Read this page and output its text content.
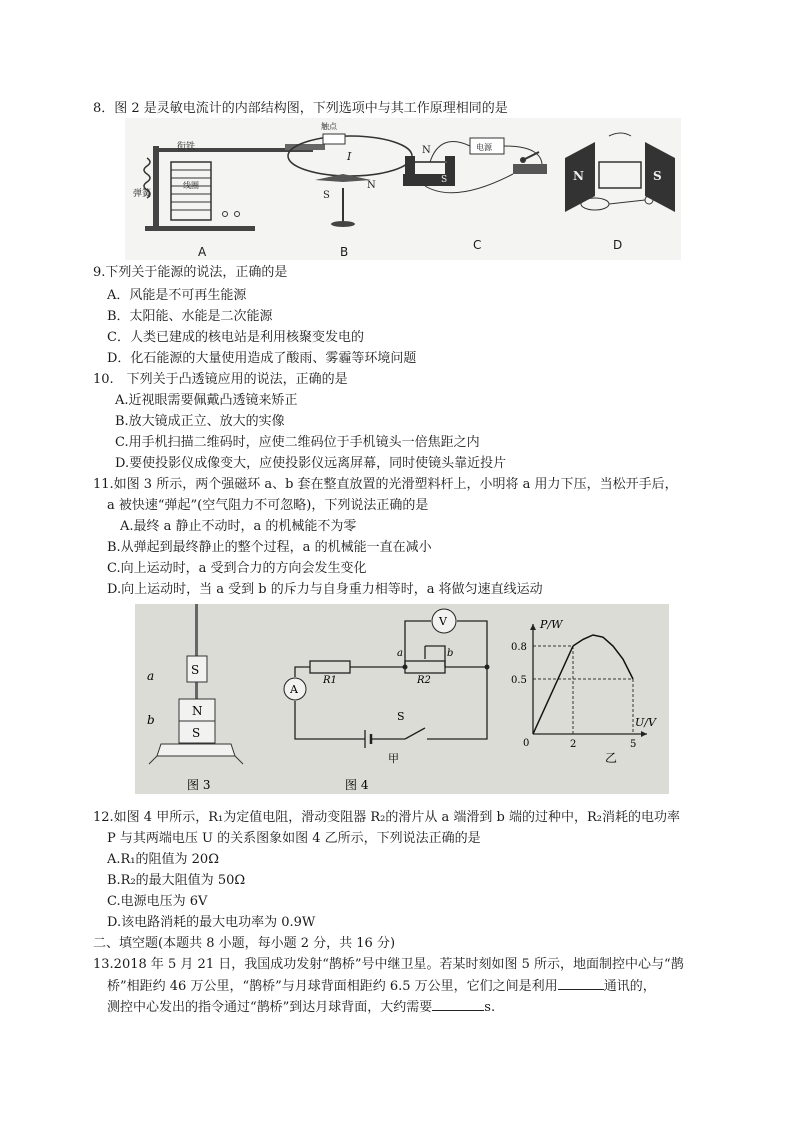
8．图 2 是灵敏电流计的内部结构图，下列选项中与其工作原理相同的是
衔铁
弹簧
线圈
触点
S
N
I	N
S
电源
N	S
A	B	C	D
9.下列关于能源的说法，正确的是
A．风能是不可再生能源
B．太阳能、水能是二次能源
C．人类已建成的核电站是利用核聚变发电的
D．化石能源的大量使用造成了酸雨、雾霾等环境问题
10.　下列关于凸透镜应用的说法，正确的是
A.近视眼需要佩戴凸透镜来矫正
B.放大镜成正立、放大的实像
C.用手机扫描二维码时，应使二维码位于手机镜头一倍焦距之内
D.要使投影仪成像变大，应使投影仪远离屏幕，同时使镜头靠近投片
11.如图 3 所示，两个强磁环 a、b 套在整直放置的光滑塑料杆上，小明将 a 用力下压，当松开手后，
a 被快速“弹起”(空气阻力不可忽略)，下列说法正确的是
A.最终 a 静止不动时，a 的机械能不为零
B.从弹起到最终静止的整个过程，a 的机械能一直在减小
C.向上运动时，a 受到合力的方向会发生变化
D.向上运动时，当 a 受到 b 的斥力与自身重力相等时，a 将做匀速直线运动
S
N
S
a
b
图 3
A
V
R1	R2
a	b
S
甲
图 4
0.5
0.8
2	5
P/W
U/V
0
乙
12.如图 4 甲所示，R₁为定值电阻，滑动变阻器 R₂的滑片从 a 端滑到 b 端的过种中，R₂消耗的电功率
P 与其两端电压 U 的关系图象如图 4 乙所示，下列说法正确的是
A.R₁的阻值为 20Ω
B.R₂的最大阻值为 50Ω
C.电源电压为 6V
D.该电路消耗的最大电功率为 0.9W
二、填空题(本题共 8 小题，每小题 2 分，共 16 分)
13.2018 年 5 月 21 日，我国成功发射“鹊桥”号中继卫星。若某时刻如图 5 所示，地面制控中心与“鹊
桥”相距约 46 万公里，“鹊桥”与月球背面相距约 6.5 万公里，它们之间是利用	通讯的，
测控中心发出的指令通过“鹊桥”到达月球背面，大约需要	s.
